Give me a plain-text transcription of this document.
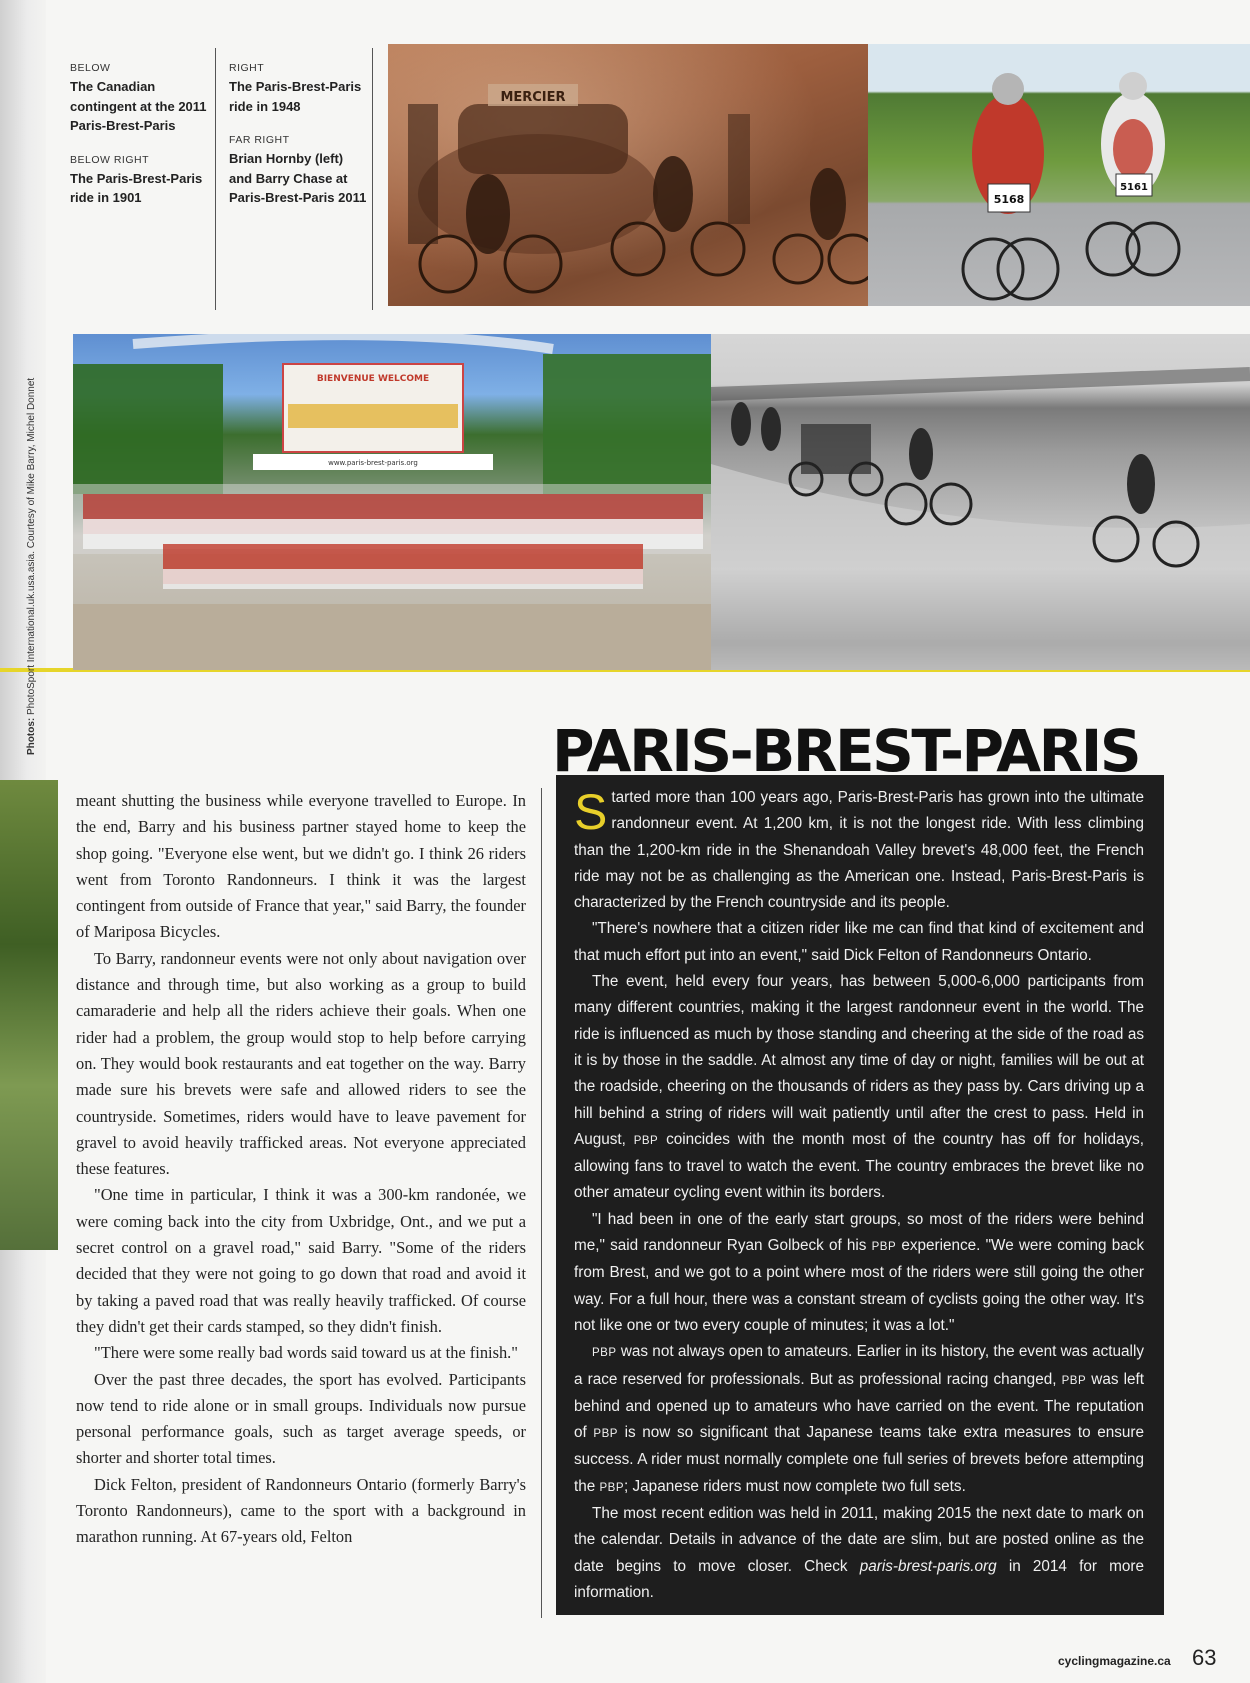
Photos: PhotoSport International.uk.usa.asia. Courtesy of Mike Barry, Michel Donnet
BELOW
The Canadian contingent at the 2011 Paris-Brest-Paris
BELOW RIGHT
The Paris-Brest-Paris ride in 1901
RIGHT
The Paris-Brest-Paris ride in 1948
FAR RIGHT
Brian Hornby (left) and Barry Chase at Paris-Brest-Paris 2011
MERCIER
5168
5161
BIENVENUE WELCOME
www.paris-brest-paris.org

meant shutting the business while everyone travelled to Europe. In the end, Barry and his business partner stayed home to keep the shop going. "Everyone else went, but we didn't go. I think 26 riders went from Toronto Randonneurs. I think it was the largest contingent from outside of France that year," said Barry, the founder of Mariposa Bicycles.

To Barry, randonneur events were not only about navigation over distance and through time, but also working as a group to build camaraderie and help all the riders achieve their goals. When one rider had a problem, the group would stop to help before carrying on. They would book restaurants and eat together on the way. Barry made sure his brevets were safe and allowed riders to see the countryside. Sometimes, riders would have to leave pavement for gravel to avoid heavily trafficked areas. Not everyone appreciated these features.

"One time in particular, I think it was a 300-km randonée, we were coming back into the city from Uxbridge, Ont., and we put a secret control on a gravel road," said Barry. "Some of the riders decided that they were not going to go down that road and avoid it by taking a paved road that was really heavily trafficked. Of course they didn't get their cards stamped, so they didn't finish.

"There were some really bad words said toward us at the finish."

Over the past three decades, the sport has evolved. Participants now tend to ride alone or in small groups. Individuals now pursue personal performance goals, such as target average speeds, or shorter and shorter total times.

Dick Felton, president of Randonneurs Ontario (formerly Barry's Toronto Randonneurs), came to the sport with a background in marathon running. At 67-years old, Felton

PARIS-BREST-PARIS

Started more than 100 years ago, Paris-Brest-Paris has grown into the ultimate randonneur event. At 1,200 km, it is not the longest ride. With less climbing than the 1,200-km ride in the Shenandoah Valley brevet's 48,000 feet, the French ride may not be as challenging as the American one. Instead, Paris-Brest-Paris is characterized by the French countryside and its people.

"There's nowhere that a citizen rider like me can find that kind of excitement and that much effort put into an event," said Dick Felton of Randonneurs Ontario.

The event, held every four years, has between 5,000-6,000 participants from many different countries, making it the largest randonneur event in the world. The ride is influenced as much by those standing and cheering at the side of the road as it is by those in the saddle. At almost any time of day or night, families will be out at the roadside, cheering on the thousands of riders as they pass by. Cars driving up a hill behind a string of riders will wait patiently until after the crest to pass. Held in August, PBP coincides with the month most of the country has off for holidays, allowing fans to travel to watch the event. The country embraces the brevet like no other amateur cycling event within its borders.

"I had been in one of the early start groups, so most of the riders were behind me," said randonneur Ryan Golbeck of his PBP experience. "We were coming back from Brest, and we got to a point where most of the riders were still going the other way. For a full hour, there was a constant stream of cyclists going the other way. It's not like one or two every couple of minutes; it was a lot."

PBP was not always open to amateurs. Earlier in its history, the event was actually a race reserved for professionals. But as professional racing changed, PBP was left behind and opened up to amateurs who have carried on the event. The reputation of PBP is now so significant that Japanese teams take extra measures to ensure success. A rider must normally complete one full series of brevets before attempting the PBP; Japanese riders must now complete two full sets.

The most recent edition was held in 2011, making 2015 the next date to mark on the calendar. Details in advance of the date are slim, but are posted online as the date begins to move closer. Check paris-brest-paris.org in 2014 for more information.

cyclingmagazine.ca 63
